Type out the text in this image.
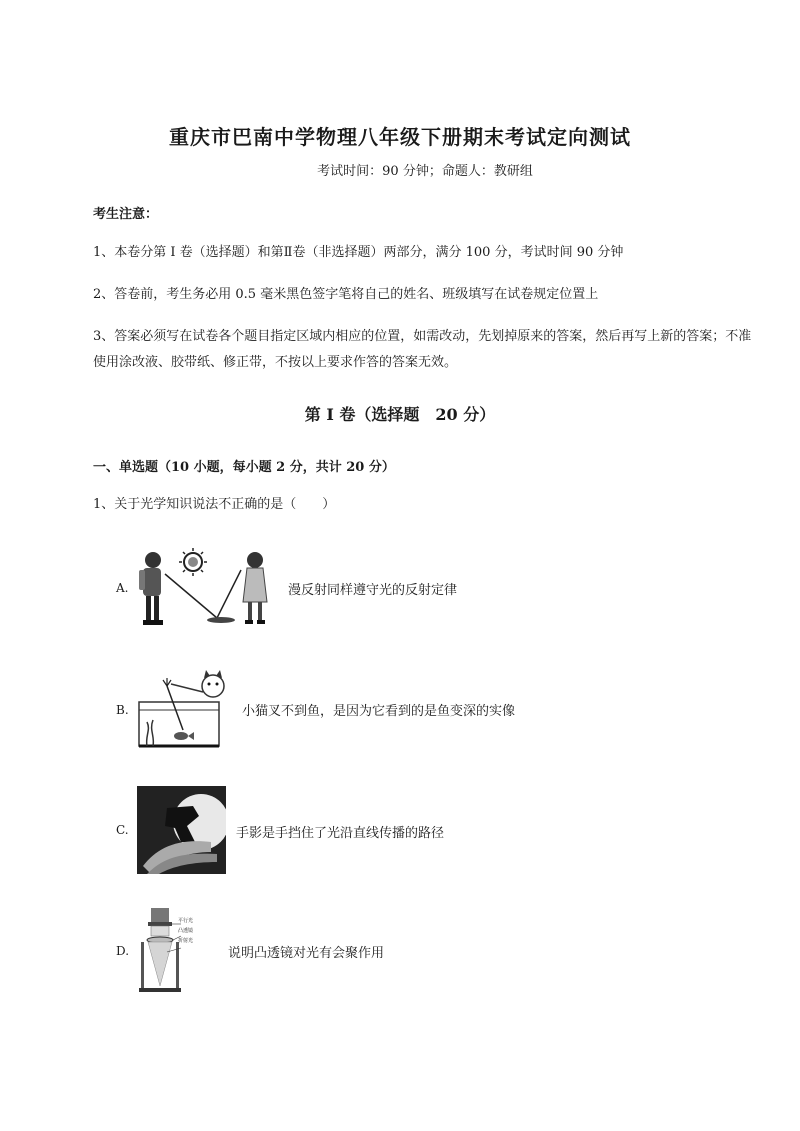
重庆市巴南中学物理八年级下册期末考试定向测试
考试时间：90 分钟；命题人：教研组
考生注意：
1、本卷分第 I 卷（选择题）和第Ⅱ卷（非选择题）两部分，满分 100 分，考试时间 90 分钟
2、答卷前，考生务必用 0.5 毫米黑色签字笔将自己的姓名、班级填写在试卷规定位置上
3、答案必须写在试卷各个题目指定区域内相应的位置，如需改动，先划掉原来的答案，然后再写上新的答案；不准使用涂改液、胶带纸、修正带，不按以上要求作答的答案无效。
第 I 卷（选择题　20 分）
一、单选题（10 小题，每小题 2 分，共计 20 分）
1、关于光学知识说法不正确的是（　　）
A.	漫反射同样遵守光的反射定律
B.	小猫叉不到鱼，是因为它看到的是鱼变深的实像
C.	手影是手挡住了光沿直线传播的路径
D.
平行光
凸透镜
折射光
说明凸透镜对光有会聚作用
